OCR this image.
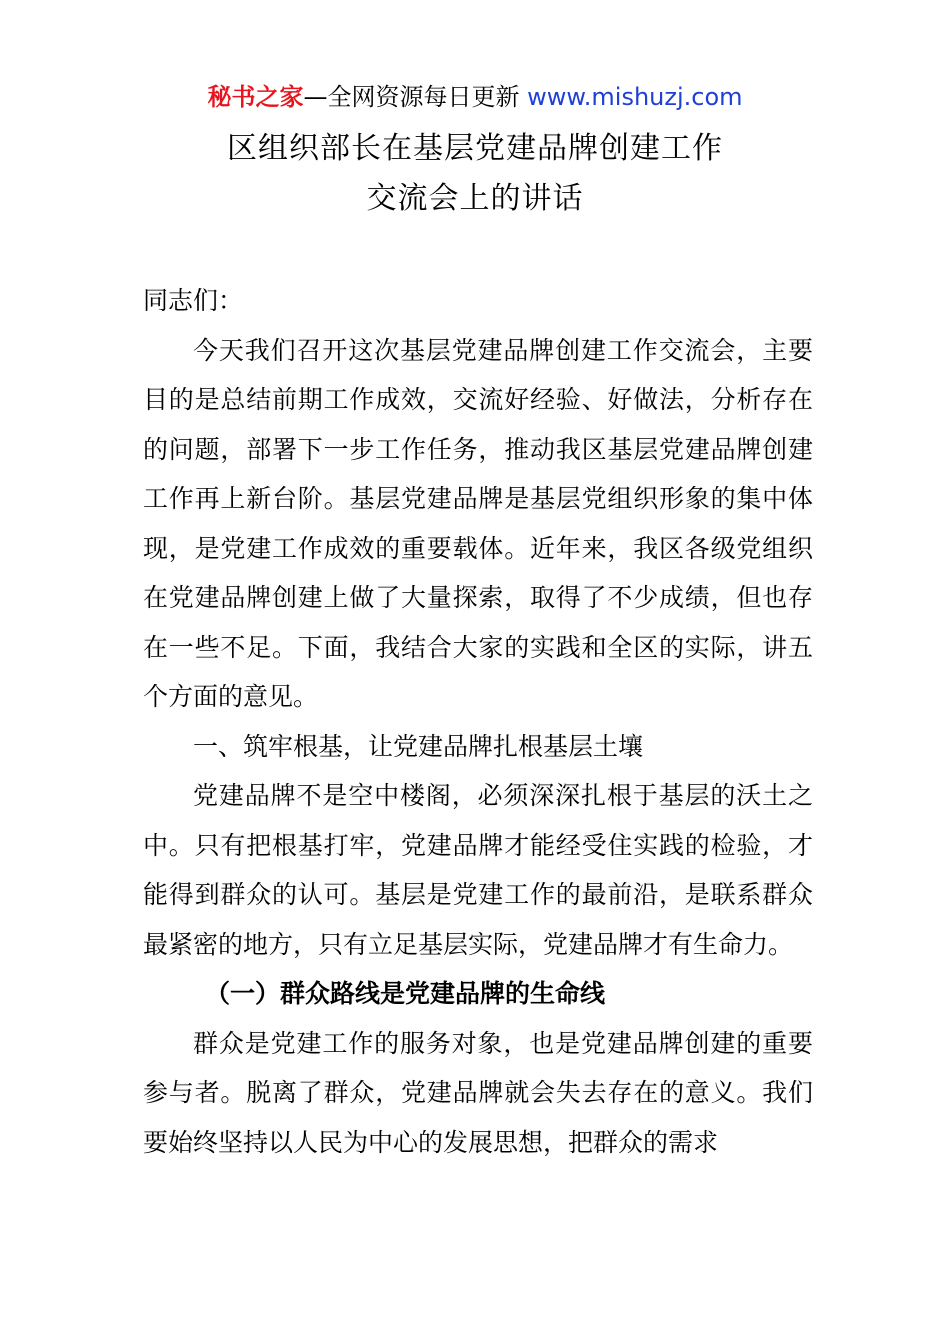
秘书之家—全网资源每日更新 www.mishuzj.com
区组织部长在基层党建品牌创建工作
交流会上的讲话

同志们：

今天我们召开这次基层党建品牌创建工作交流会，主要目的是总结前期工作成效，交流好经验、好做法，分析存在的问题，部署下一步工作任务，推动我区基层党建品牌创建工作再上新台阶。基层党建品牌是基层党组织形象的集中体现，是党建工作成效的重要载体。近年来，我区各级党组织在党建品牌创建上做了大量探索，取得了不少成绩，但也存在一些不足。下面，我结合大家的实践和全区的实际，讲五个方面的意见。

一、筑牢根基，让党建品牌扎根基层土壤

党建品牌不是空中楼阁，必须深深扎根于基层的沃土之中。只有把根基打牢，党建品牌才能经受住实践的检验，才能得到群众的认可。基层是党建工作的最前沿，是联系群众最紧密的地方，只有立足基层实际，党建品牌才有生命力。

（一）群众路线是党建品牌的生命线

群众是党建工作的服务对象，也是党建品牌创建的重要参与者。脱离了群众，党建品牌就会失去存在的意义。我们要始终坚持以人民为中心的发展思想，把群众的需求
